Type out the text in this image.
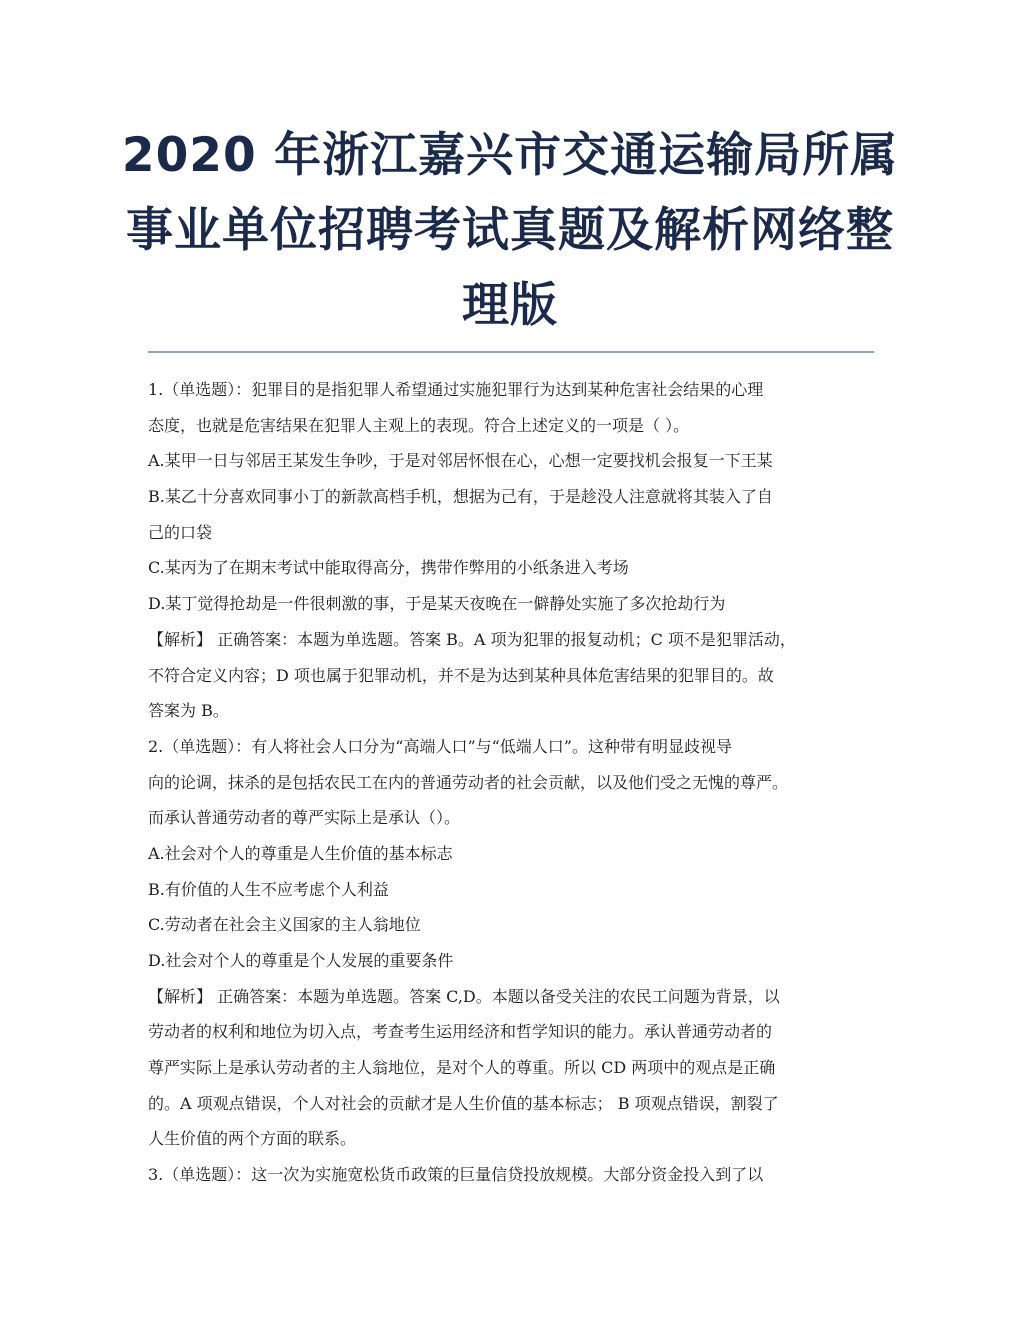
2020 年浙江嘉兴市交通运输局所属
事业单位招聘考试真题及解析网络整
理版
1.（单选题）：犯罪目的是指犯罪人希望通过实施犯罪行为达到某种危害社会结果的心理
态度，也就是危害结果在犯罪人主观上的表现。符合上述定义的一项是（ ）。
A.某甲一日与邻居王某发生争吵，于是对邻居怀恨在心，心想一定要找机会报复一下王某
B.某乙十分喜欢同事小丁的新款高档手机，想据为己有，于是趁没人注意就将其装入了自
己的口袋
C.某丙为了在期末考试中能取得高分，携带作弊用的小纸条进入考场
D.某丁觉得抢劫是一件很刺激的事，于是某天夜晚在一僻静处实施了多次抢劫行为
【解析】 正确答案：本题为单选题。答案 B。A 项为犯罪的报复动机；C 项不是犯罪活动，
不符合定义内容；D 项也属于犯罪动机，并不是为达到某种具体危害结果的犯罪目的。故
答案为 B。
2.（单选题）：有人将社会人口分为“高端人口”与“低端人口”。这种带有明显歧视导
向的论调，抹杀的是包括农民工在内的普通劳动者的社会贡献，以及他们受之无愧的尊严。
而承认普通劳动者的尊严实际上是承认（）。
A.社会对个人的尊重是人生价值的基本标志
B.有价值的人生不应考虑个人利益
C.劳动者在社会主义国家的主人翁地位
D.社会对个人的尊重是个人发展的重要条件
【解析】 正确答案：本题为单选题。答案 C,D。本题以备受关注的农民工问题为背景，以
劳动者的权利和地位为切入点，考查考生运用经济和哲学知识的能力。承认普通劳动者的
尊严实际上是承认劳动者的主人翁地位，是对个人的尊重。所以 CD 两项中的观点是正确
的。A 项观点错误，个人对社会的贡献才是人生价值的基本标志； B 项观点错误，割裂了
人生价值的两个方面的联系。
3.（单选题）：这一次为实施宽松货币政策的巨量信贷投放规模。大部分资金投入到了以
